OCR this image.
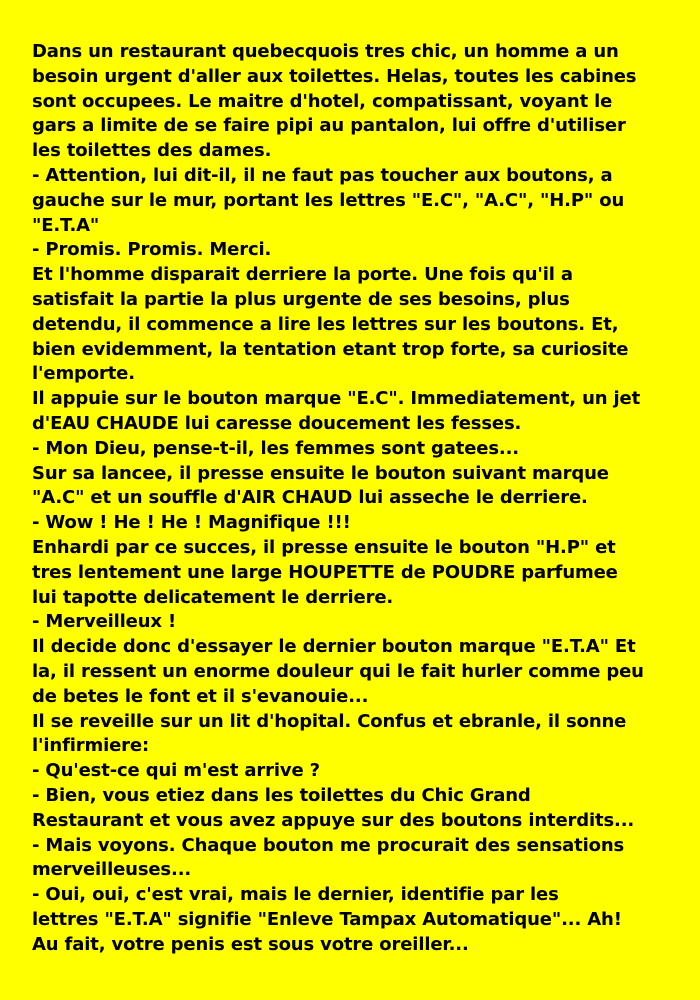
Dans un restaurant quebecquois tres chic, un homme a un
besoin urgent d'aller aux toilettes. Helas, toutes les cabines
sont occupees. Le maitre d'hotel, compatissant, voyant le
gars a limite de se faire pipi au pantalon, lui offre d'utiliser
les toilettes des dames.
- Attention, lui dit-il, il ne faut pas toucher aux boutons, a
gauche sur le mur, portant les lettres "E.C", "A.C", "H.P" ou
"E.T.A"
- Promis. Promis. Merci.
Et l'homme disparait derriere la porte. Une fois qu'il a
satisfait la partie la plus urgente de ses besoins, plus
detendu, il commence a lire les lettres sur les boutons. Et,
bien evidemment, la tentation etant trop forte, sa curiosite
l'emporte.
Il appuie sur le bouton marque "E.C". Immediatement, un jet
d'EAU CHAUDE lui caresse doucement les fesses.
- Mon Dieu, pense-t-il, les femmes sont gatees...
Sur sa lancee, il presse ensuite le bouton suivant marque
"A.C" et un souffle d'AIR CHAUD lui asseche le derriere.
- Wow ! He ! He ! Magnifique !!!
Enhardi par ce succes, il presse ensuite le bouton "H.P" et
tres lentement une large HOUPETTE de POUDRE parfumee
lui tapotte delicatement le derriere.
- Merveilleux !
Il decide donc d'essayer le dernier bouton marque "E.T.A" Et
la, il ressent un enorme douleur qui le fait hurler comme peu
de betes le font et il s'evanouie...
Il se reveille sur un lit d'hopital. Confus et ebranle, il sonne
l'infirmiere:
- Qu'est-ce qui m'est arrive ?
- Bien, vous etiez dans les toilettes du Chic Grand
Restaurant et vous avez appuye sur des boutons interdits...
- Mais voyons. Chaque bouton me procurait des sensations
merveilleuses...
- Oui, oui, c'est vrai, mais le dernier, identifie par les
lettres "E.T.A" signifie "Enleve Tampax Automatique"... Ah!
Au fait, votre penis est sous votre oreiller...
